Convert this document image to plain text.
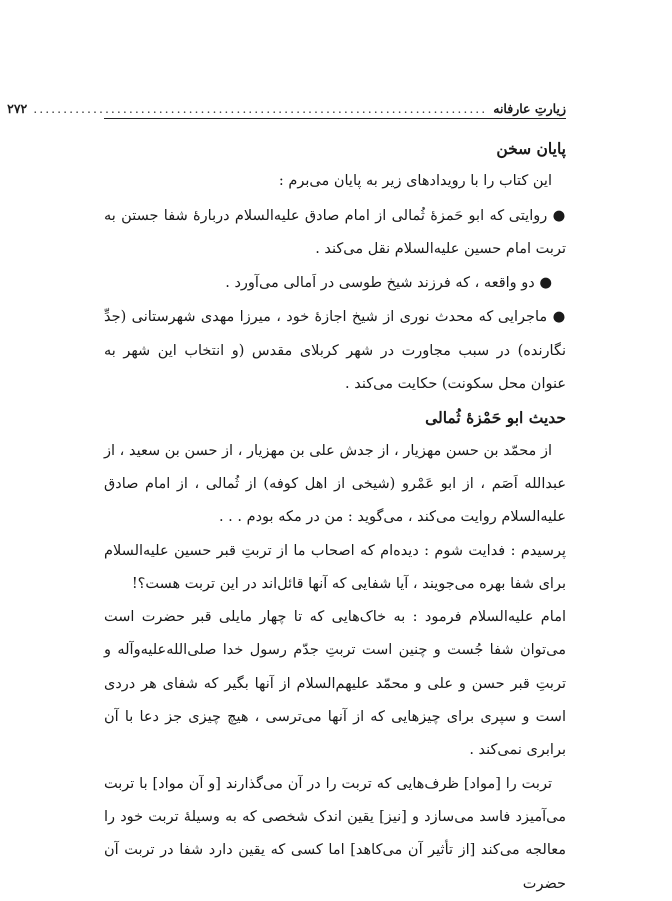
زیارتِ عارفانه
............................................................................
۲۷۲
پایان سخن

این کتاب را با رویدادهای زیر به پایان می‌برم :

● روایتی که ابو حَمزهٔ ثُمالی از امام صادق‌ علیه‌السلام دربارهٔ شفا جستن به تربت امام حسین‌ علیه‌السلام نقل می‌کند .

● دو واقعه ، که فرزند شیخ طوسی در اَمالی می‌آورد .

● ماجرایی که محدث نوری از شیخ اجازهٔ خود ، میرزا مهدی شهرستانی (جدِّ نگارنده) در سبب مجاورت در شهر کربلای مقدس (و انتخاب این شهر به عنوان محل سکونت) حکایت می‌کند .

حدیث ابو حَمْزهٔ ثُمالی

از محمّد بن حسن مهزیار ، از جدش علی بن مهزیار ، از حسن بن سعید ، از عبدالله اَصَم ، از ابو عَمْرو (شیخی از اهل کوفه) از ثُمالی ، از امام صادق‌ علیه‌السلام روایت می‌کند ، می‌گوید : من در مکه بودم . . .

پرسیدم : فدایت شوم : دیده‌ام که اصحاب ما از تربتِ قبر حسین‌ علیه‌السلام برای شفا بهره می‌جویند ، آیا شفایی که آنها قائل‌اند در این تربت هست؟!

امام‌ علیه‌السلام فرمود : به خاک‌هایی که تا چهار مایلی قبر حضرت است می‌توان شفا جُست و چنین است تربتِ جدّم رسول خدا صلی‌الله‌علیه‌وآله و تربتِ قبر حسن و علی و محمّد علیهم‌السلام از آنها بگیر که شفای هر دردی است و سپری برای چیزهایی که از آنها می‌ترسی ، هیچ چیزی جز دعا با آن برابری نمی‌کند .

تربت را [مواد] ظرف‌هایی که تربت را در آن می‌گذارند [و آن مواد] با تربت می‌آمیزد فاسد می‌سازد و [نیز] یقین اندک شخصی که به وسیلهٔ تربت خود را معالجه می‌کند [از تأثیر آن می‌کاهد] اما کسی که یقین دارد شفا در تربت آن حضرت
